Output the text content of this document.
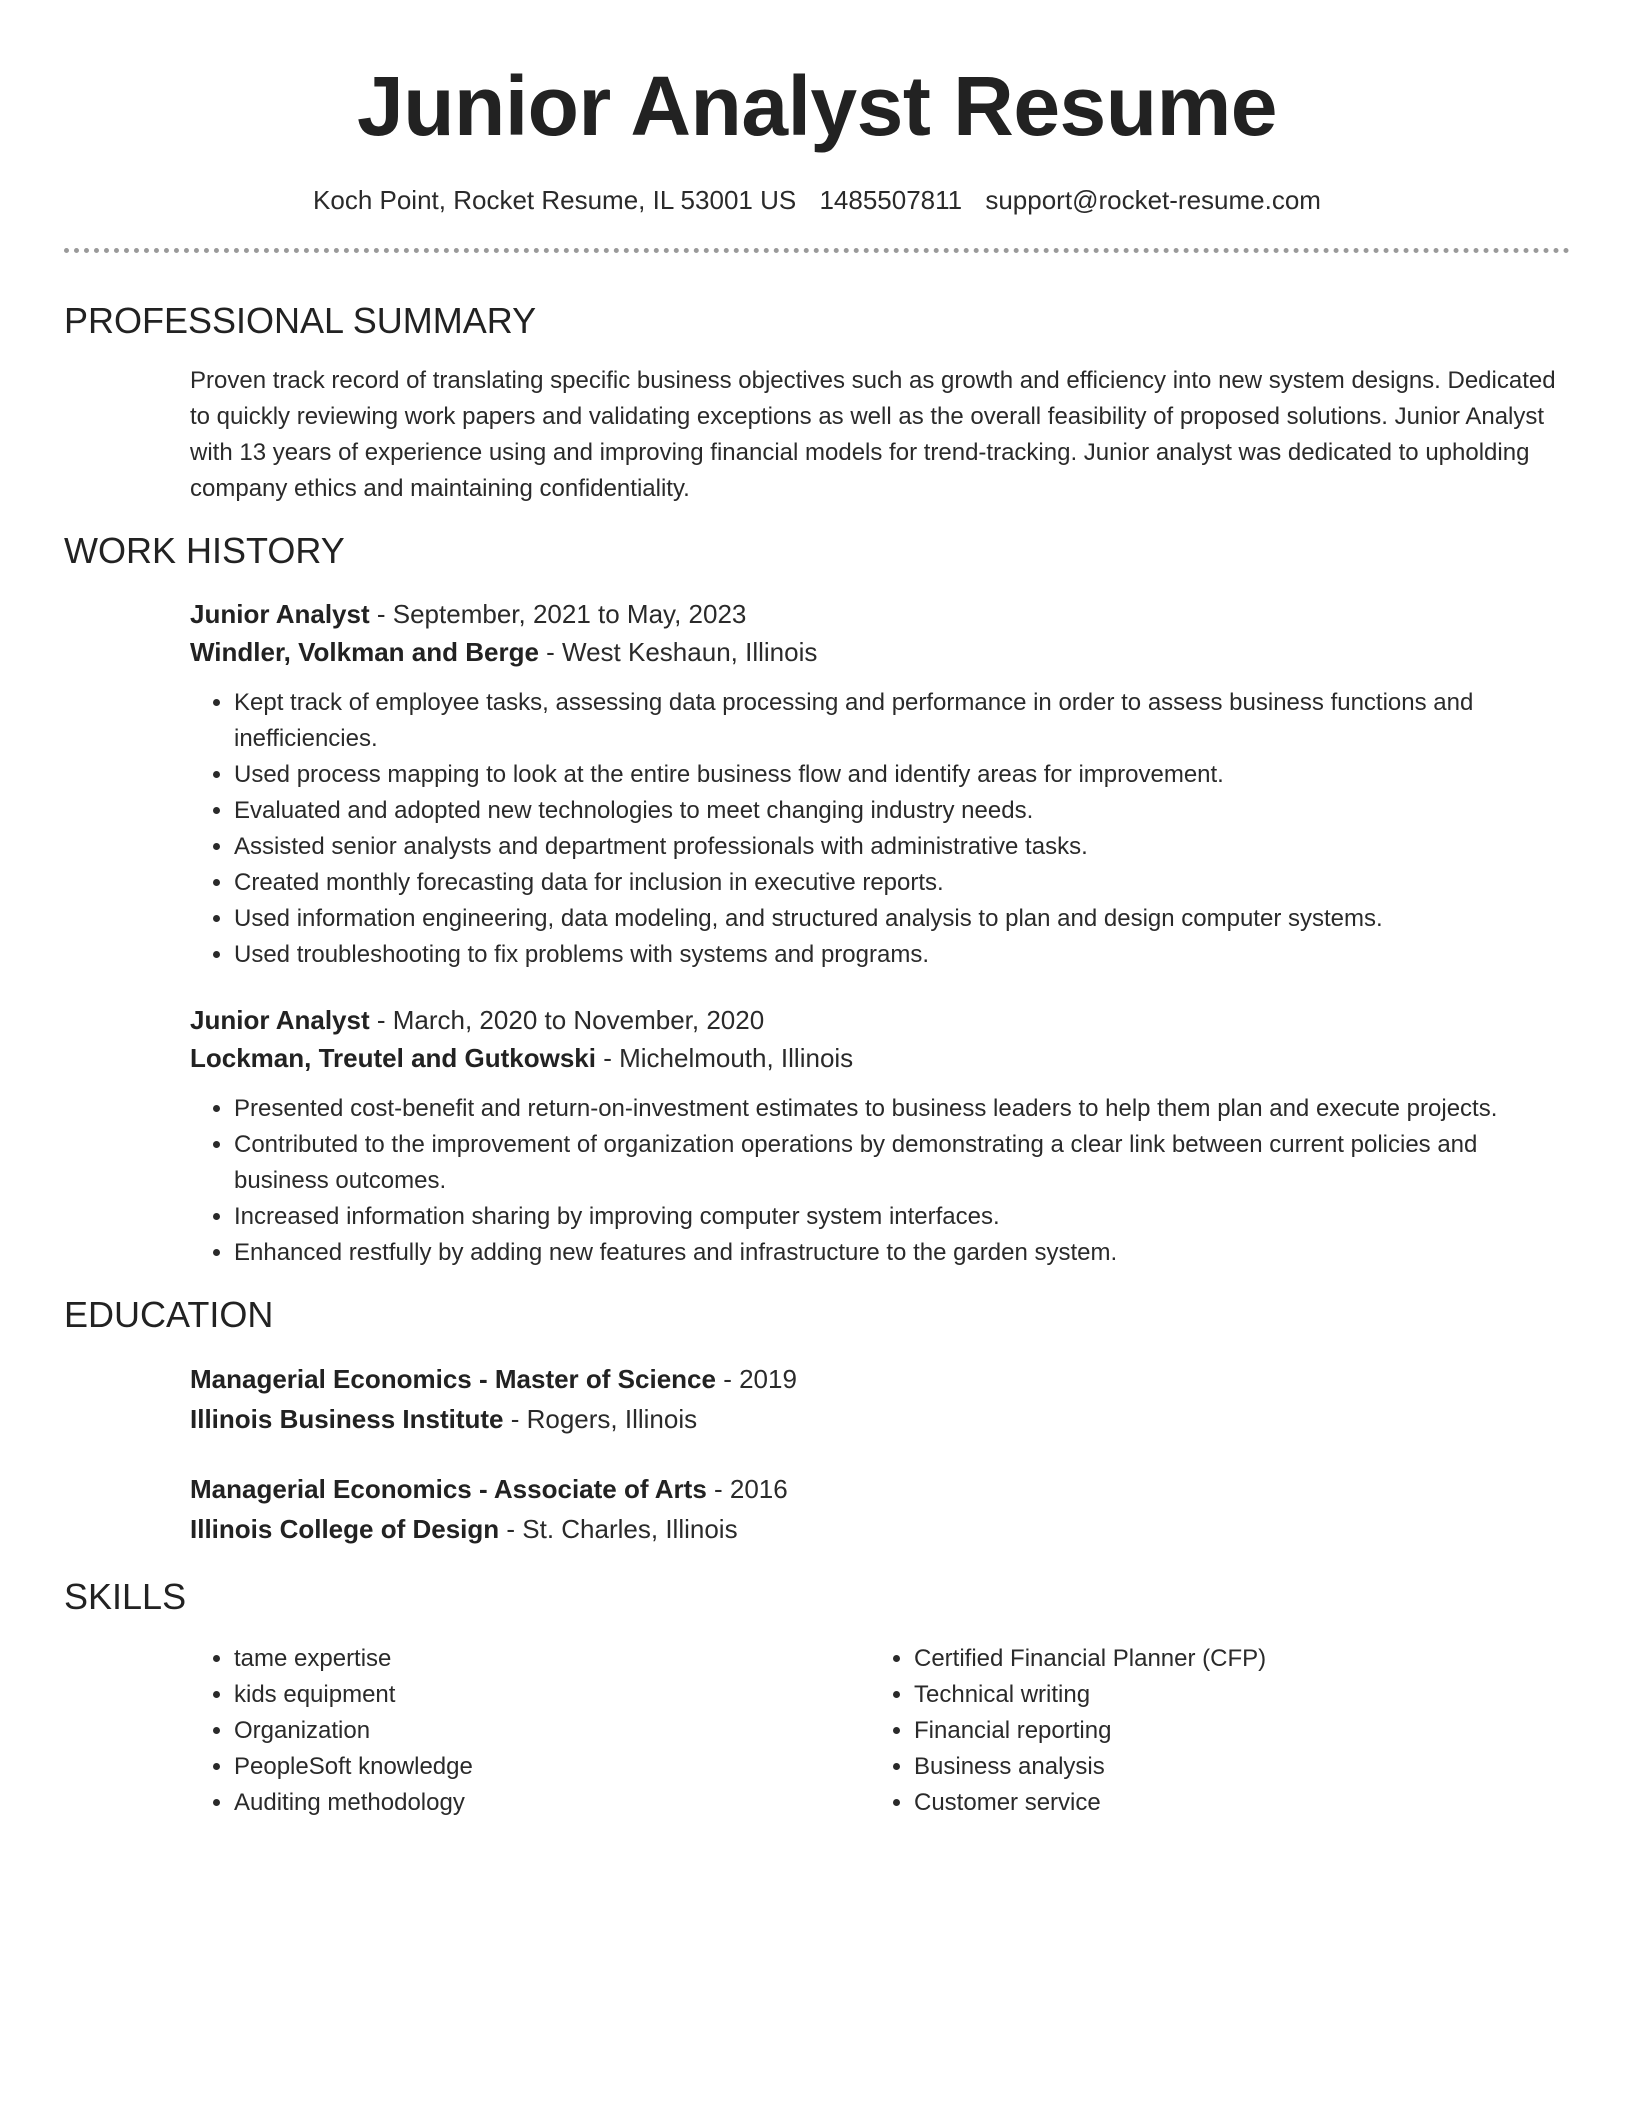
Junior Analyst Resume
Koch Point, Rocket Resume, IL 53001 US 1485507811 support@rocket-resume.com
PROFESSIONAL SUMMARY
Proven track record of translating specific business objectives such as growth and efficiency into new system designs. Dedicated to quickly reviewing work papers and validating exceptions as well as the overall feasibility of proposed solutions. Junior Analyst with 13 years of experience using and improving financial models for trend-tracking. Junior analyst was dedicated to upholding company ethics and maintaining confidentiality.
WORK HISTORY
Junior Analyst - September, 2021 to May, 2023
Windler, Volkman and Berge - West Keshaun, Illinois
• Kept track of employee tasks, assessing data processing and performance in order to assess business functions and inefficiencies.
• Used process mapping to look at the entire business flow and identify areas for improvement.
• Evaluated and adopted new technologies to meet changing industry needs.
• Assisted senior analysts and department professionals with administrative tasks.
• Created monthly forecasting data for inclusion in executive reports.
• Used information engineering, data modeling, and structured analysis to plan and design computer systems.
• Used troubleshooting to fix problems with systems and programs.
Junior Analyst - March, 2020 to November, 2020
Lockman, Treutel and Gutkowski - Michelmouth, Illinois
• Presented cost-benefit and return-on-investment estimates to business leaders to help them plan and execute projects.
• Contributed to the improvement of organization operations by demonstrating a clear link between current policies and business outcomes.
• Increased information sharing by improving computer system interfaces.
• Enhanced restfully by adding new features and infrastructure to the garden system.
EDUCATION
Managerial Economics - Master of Science - 2019
Illinois Business Institute - Rogers, Illinois
Managerial Economics - Associate of Arts - 2016
Illinois College of Design - St. Charles, Illinois
SKILLS
• tame expertise
• kids equipment
• Organization
• PeopleSoft knowledge
• Auditing methodology
• Certified Financial Planner (CFP)
• Technical writing
• Financial reporting
• Business analysis
• Customer service
